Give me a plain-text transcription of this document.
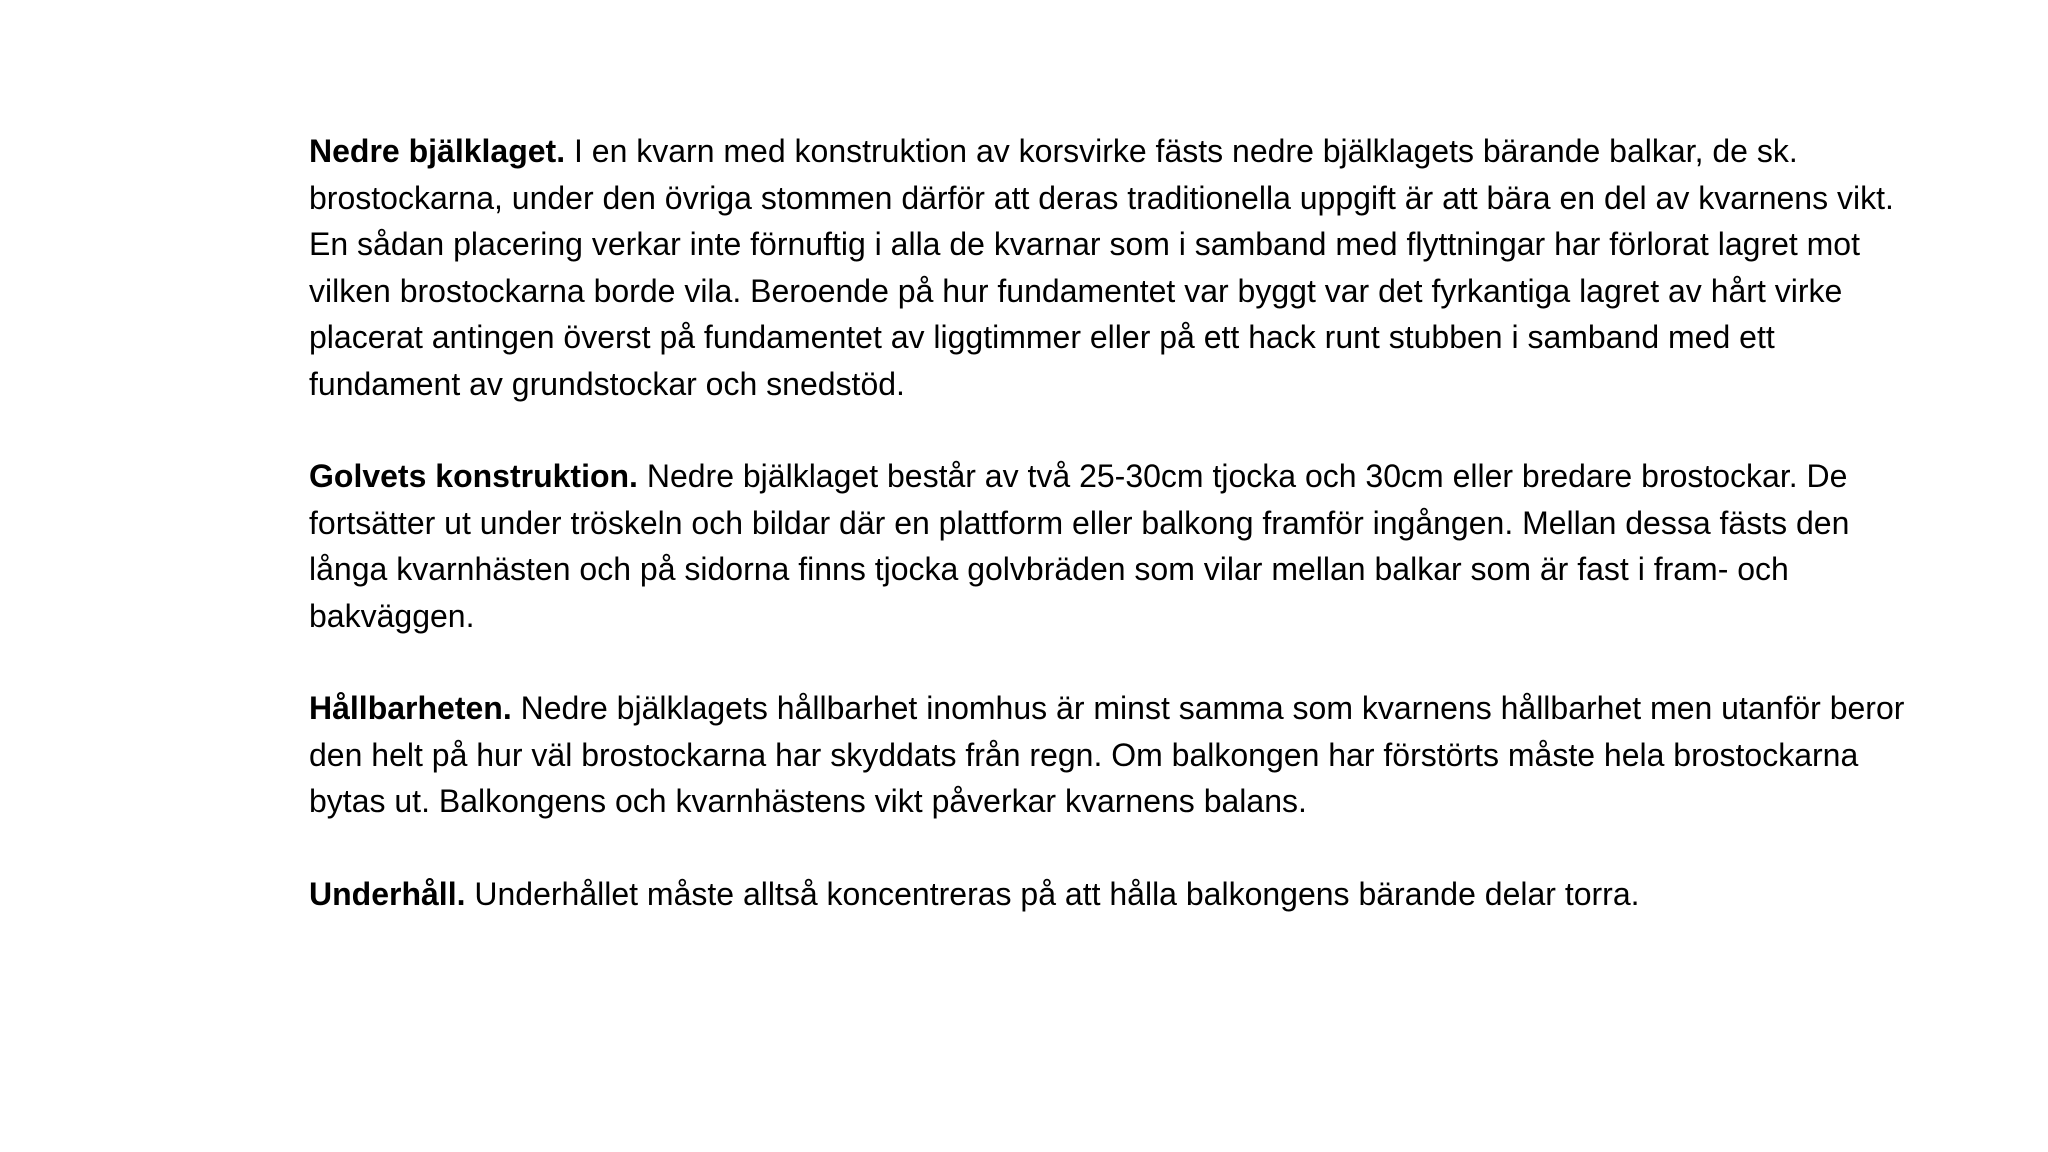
Nedre bjälklaget. I en kvarn med konstruktion av korsvirke fästs nedre bjälklagets bärande balkar, de sk. brostockarna, under den övriga stommen därför att deras traditionella uppgift är att bära en del av kvarnens vikt. En sådan placering verkar inte förnuftig i alla de kvarnar som i samband med flyttningar har förlorat lagret mot vilken brostockarna borde vila. Beroende på hur fundamentet var byggt var det fyrkantiga lagret av hårt virke placerat antingen överst på fundamentet av liggtimmer eller på ett hack runt stubben i samband med ett fundament av grundstockar och snedstöd.

Golvets konstruktion. Nedre bjälklaget består av två 25-30cm tjocka och 30cm eller bredare brostockar. De fortsätter ut under tröskeln och bildar där en plattform eller balkong framför ingången. Mellan dessa fästs den långa kvarnhästen och på sidorna finns tjocka golvbräden som vilar mellan balkar som är fast i fram- och bakväggen.

Hållbarheten. Nedre bjälklagets hållbarhet inomhus är minst samma som kvarnens hållbarhet men utanför beror den helt på hur väl brostockarna har skyddats från regn. Om balkongen har förstörts måste hela brostockarna bytas ut. Balkongens och kvarnhästens vikt påverkar kvarnens balans.

Underhåll. Underhållet måste alltså koncentreras på att hålla balkongens bärande delar torra.
